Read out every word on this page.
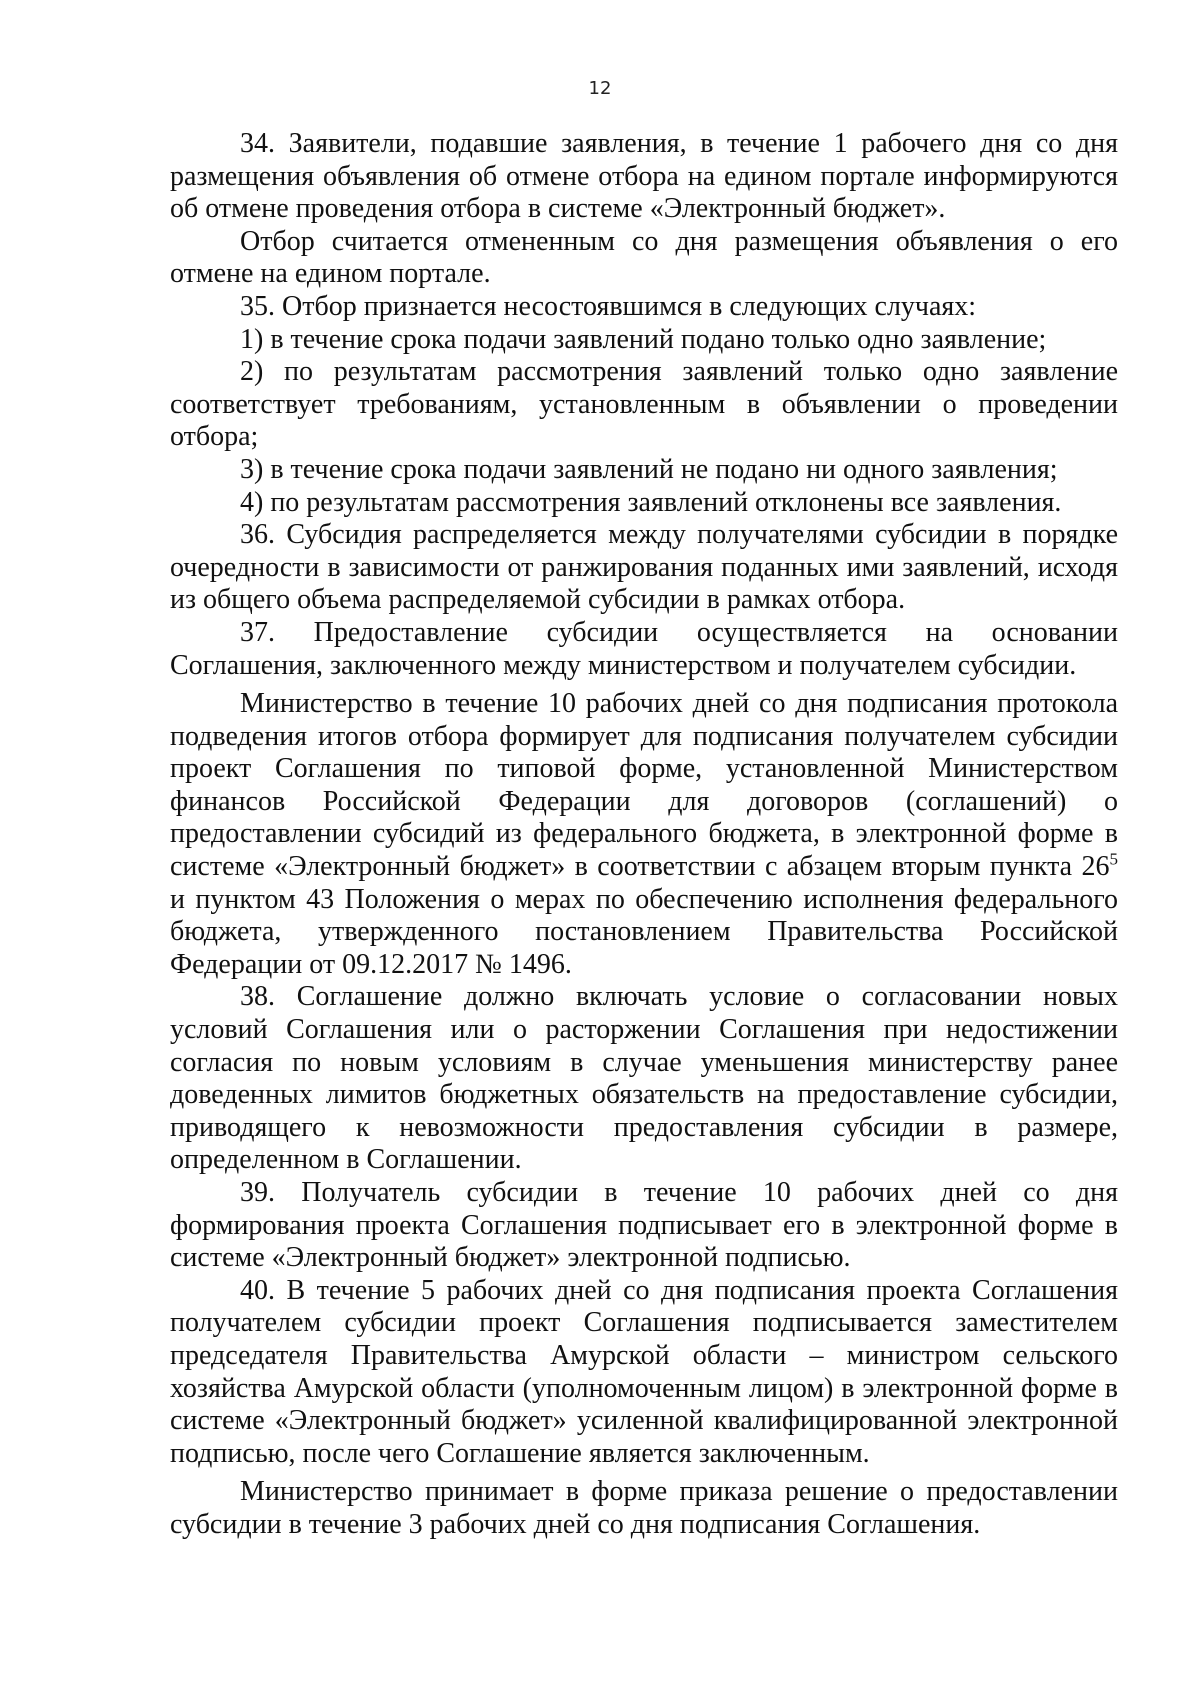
12

34. Заявители, подавшие заявления, в течение 1 рабочего дня со дня размещения объявления об отмене отбора на едином портале информируются об отмене проведения отбора в системе «Электронный бюджет».

Отбор считается отмененным со дня размещения объявления о его отмене на едином портале.

35. Отбор признается несостоявшимся в следующих случаях:

1) в течение срока подачи заявлений подано только одно заявление;

2) по результатам рассмотрения заявлений только одно заявление соответствует требованиям, установленным в объявлении о проведении отбора;

3) в течение срока подачи заявлений не подано ни одного заявления;

4) по результатам рассмотрения заявлений отклонены все заявления.

36. Субсидия распределяется между получателями субсидии в порядке очередности в зависимости от ранжирования поданных ими заявлений, исходя из общего объема распределяемой субсидии в рамках отбора.

37. Предоставление субсидии осуществляется на основании Соглашения, заключенного между министерством и получателем субсидии.

Министерство в течение 10 рабочих дней со дня подписания протокола подведения итогов отбора формирует для подписания получателем субсидии проект Соглашения по типовой форме, установленной Министерством финансов Российской Федерации для договоров (соглашений) о предоставлении субсидий из федерального бюджета, в электронной форме в системе «Электронный бюджет» в соответствии с абзацем вторым пункта $26^5$ и пунктом 43 Положения о мерах по обеспечению исполнения федерального бюджета, утвержденного постановлением Правительства Российской Федерации от 09.12.2017 № 1496.

38. Соглашение должно включать условие о согласовании новых условий Соглашения или о расторжении Соглашения при недостижении согласия по новым условиям в случае уменьшения министерству ранее доведенных лимитов бюджетных обязательств на предоставление субсидии, приводящего к невозможности предоставления субсидии в размере, определенном в Соглашении.

39. Получатель субсидии в течение 10 рабочих дней со дня формирования проекта Соглашения подписывает его в электронной форме в системе «Электронный бюджет» электронной подписью.

40. В течение 5 рабочих дней со дня подписания проекта Соглашения получателем субсидии проект Соглашения подписывается заместителем председателя Правительства Амурской области – министром сельского хозяйства Амурской области (уполномоченным лицом) в электронной форме в системе «Электронный бюджет» усиленной квалифицированной электронной подписью, после чего Соглашение является заключенным.

Министерство принимает в форме приказа решение о предоставлении субсидии в течение 3 рабочих дней со дня подписания Соглашения.
